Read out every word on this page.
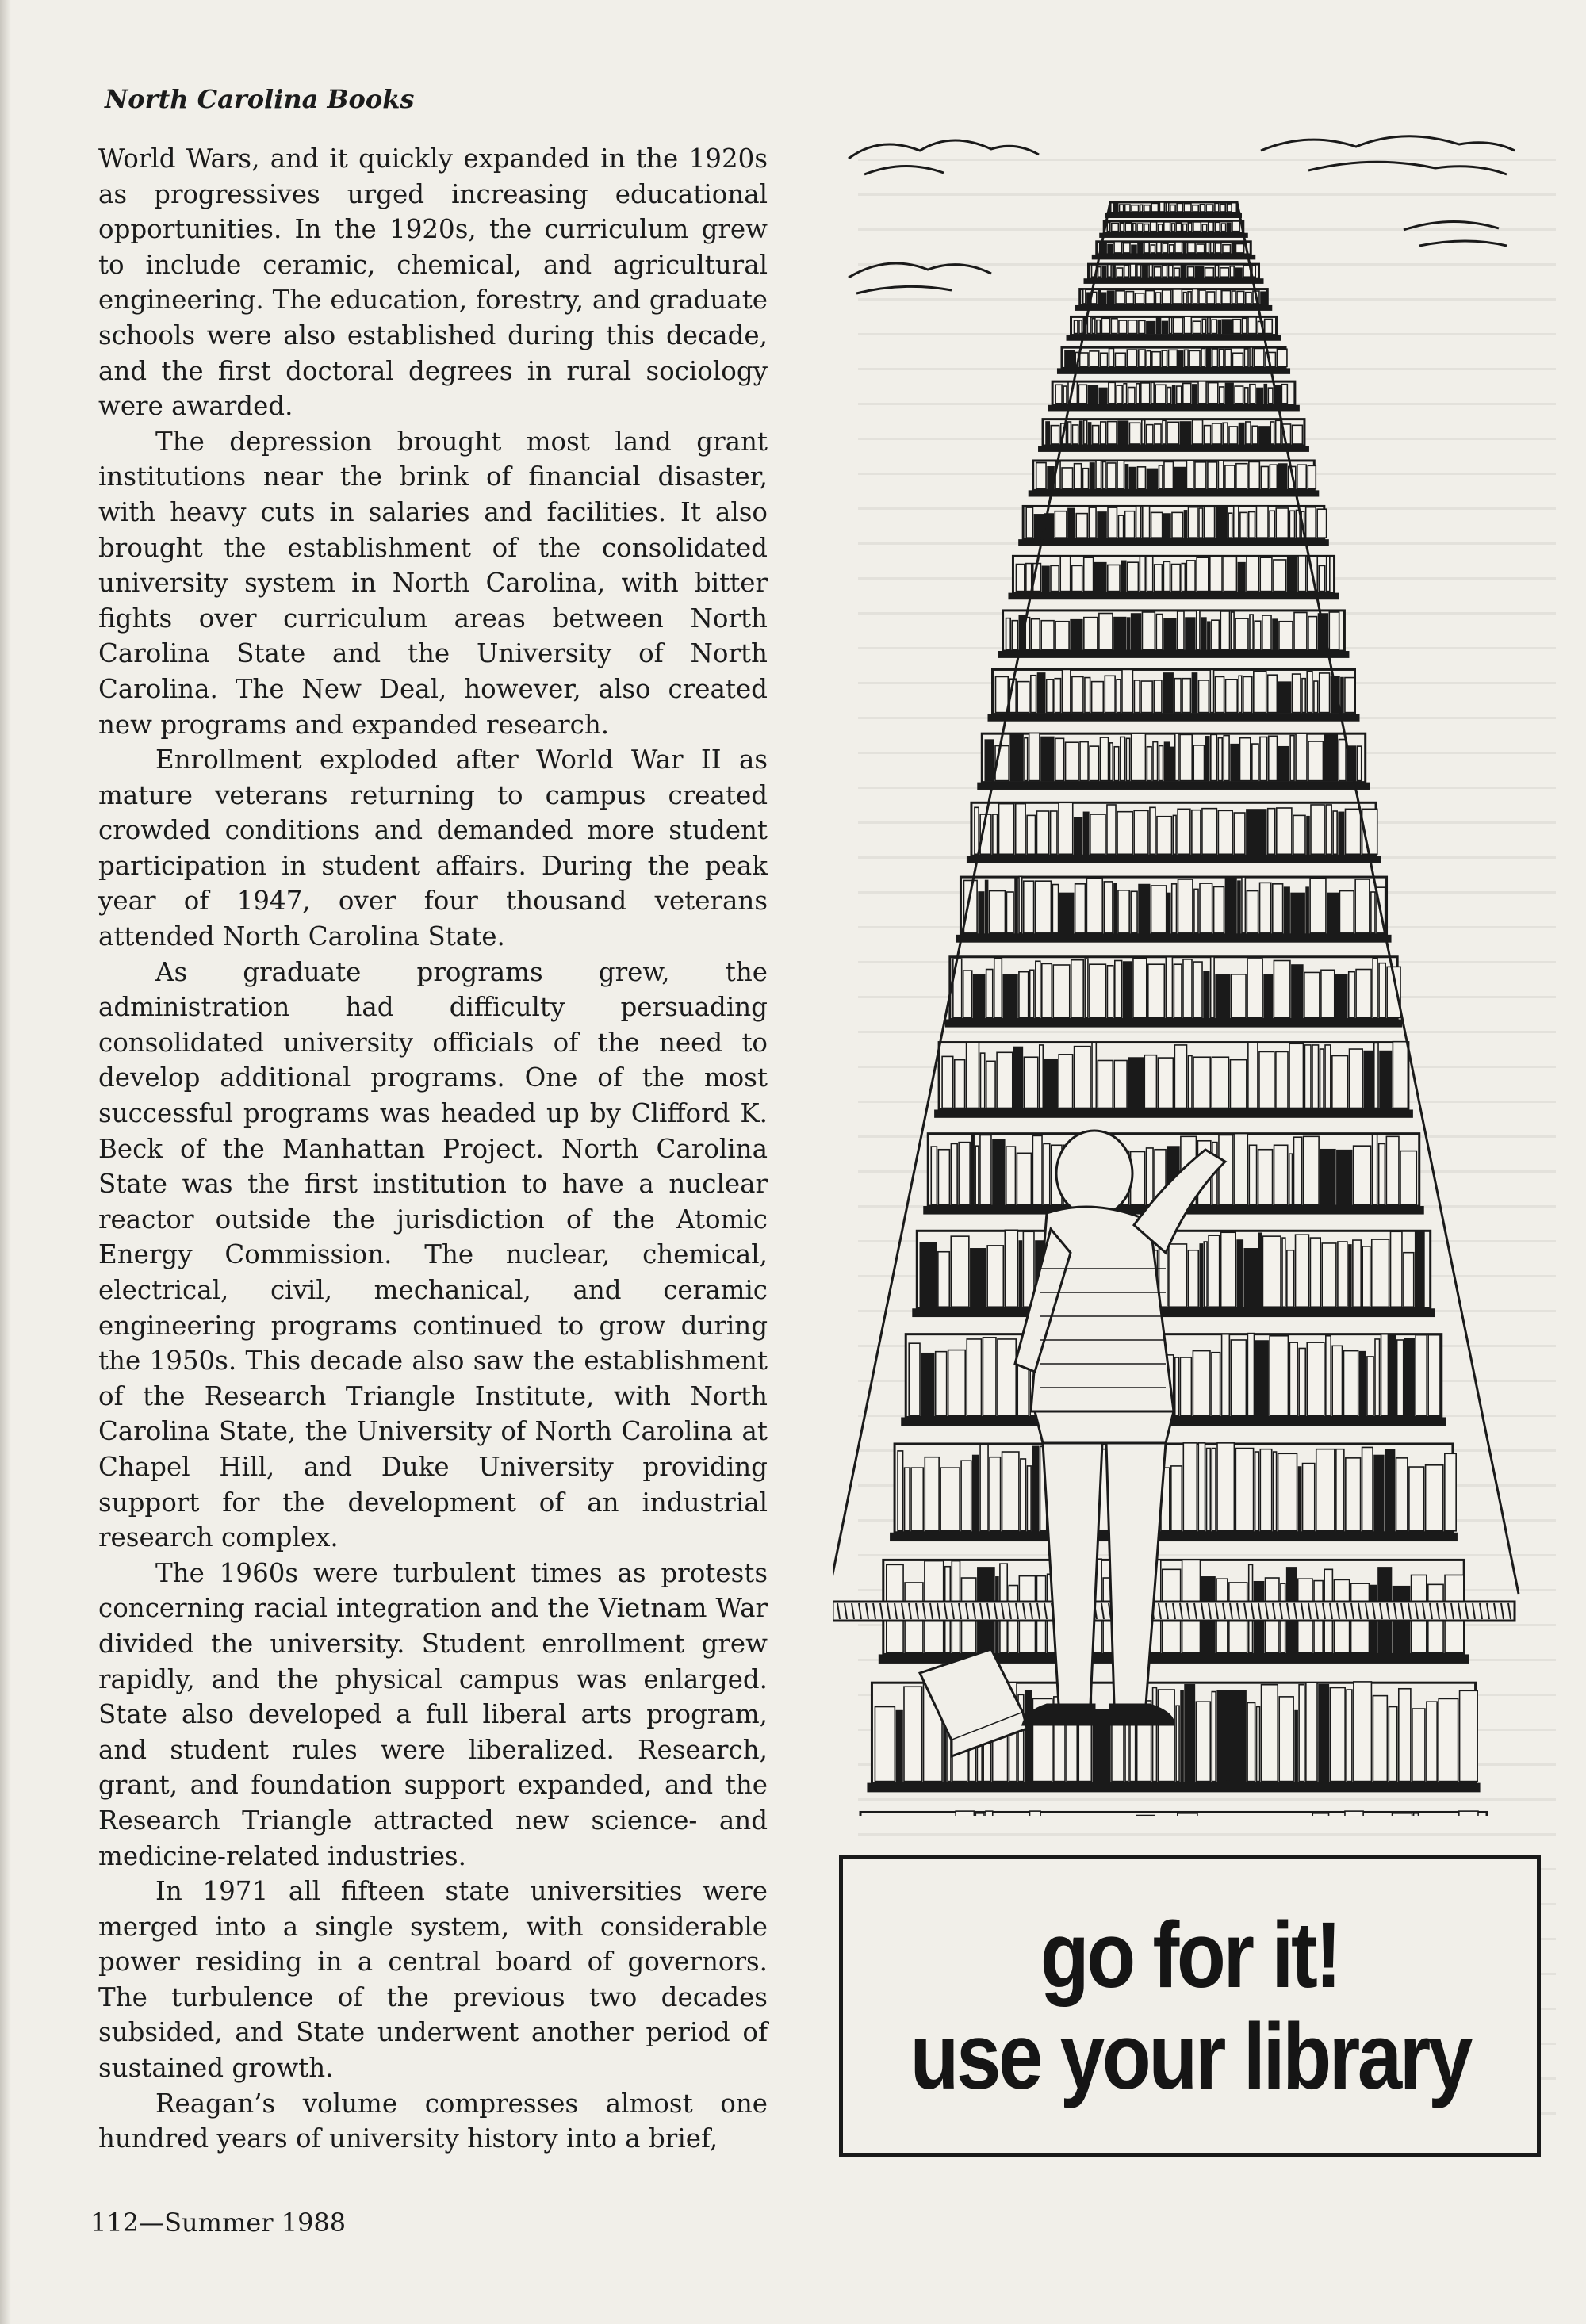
North Carolina Books

World Wars, and it quickly expanded in the 1920s as progressives urged increasing educational opportunities. In the 1920s, the curriculum grew to include ceramic, chemical, and agricultural engineering. The education, forestry, and graduate schools were also established during this decade, and the first doctoral degrees in rural sociology were awarded.

The depression brought most land grant institutions near the brink of financial disaster, with heavy cuts in salaries and facilities. It also brought the establishment of the consolidated university system in North Carolina, with bitter fights over curriculum areas between North Carolina State and the University of North Carolina. The New Deal, however, also created new programs and expanded research.

Enrollment exploded after World War II as mature veterans returning to campus created crowded conditions and demanded more student participation in student affairs. During the peak year of 1947, over four thousand veterans attended North Carolina State.

As graduate programs grew, the administration had difficulty persuading consolidated university officials of the need to develop additional programs. One of the most successful programs was headed up by Clifford K. Beck of the Manhattan Project. North Carolina State was the first institution to have a nuclear reactor outside the jurisdiction of the Atomic Energy Commission. The nuclear, chemical, electrical, civil, mechanical, and ceramic engineering programs continued to grow during the 1950s. This decade also saw the establishment of the Research Triangle Institute, with North Carolina State, the University of North Carolina at Chapel Hill, and Duke University providing support for the development of an industrial research complex.

The 1960s were turbulent times as protests concerning racial integration and the Vietnam War divided the university. Student enrollment grew rapidly, and the physical campus was enlarged. State also developed a full liberal arts program, and student rules were liberalized. Research, grant, and foundation support expanded, and the Research Triangle attracted new science- and medicine-related industries.

In 1971 all fifteen state universities were merged into a single system, with considerable power residing in a central board of governors. The turbulence of the previous two decades subsided, and State underwent another period of sustained growth.

Reagan’s volume compresses almost one hundred years of university history into a brief,

go for it!
use your library
112—Summer 1988
